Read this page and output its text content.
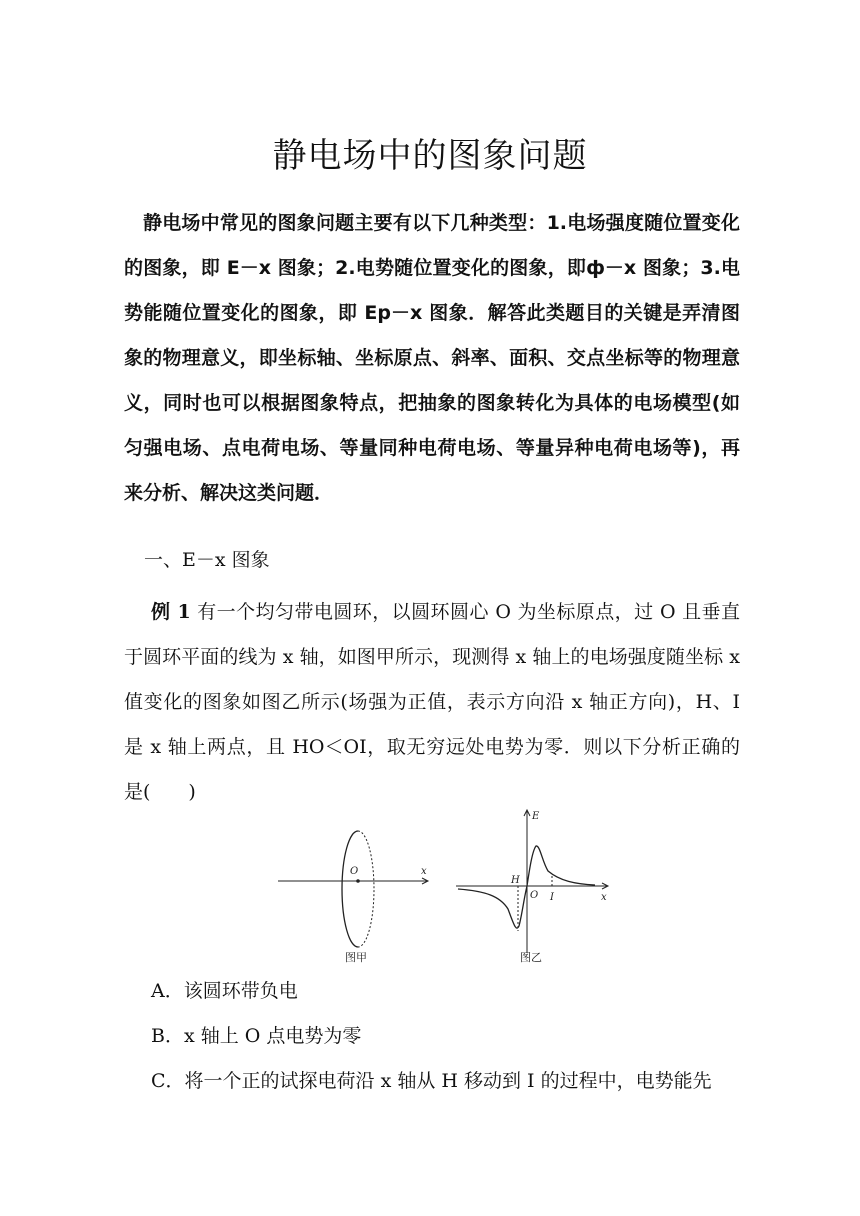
静电场中的图象问题
静电场中常见的图象问题主要有以下几种类型：1.电场强度随位置变化的图象，即 E－x 图象；2.电势随位置变化的图象，即ф－x 图象；3.电势能随位置变化的图象，即 Ep－x 图象．解答此类题目的关键是弄清图象的物理意义，即坐标轴、坐标原点、斜率、面积、交点坐标等的物理意义，同时也可以根据图象特点，把抽象的图象转化为具体的电场模型(如匀强电场、点电荷电场、等量同种电荷电场、等量异种电荷电场等)，再来分析、解决这类问题．
一、E－x 图象
例 1 有一个均匀带电圆环，以圆环圆心 O 为坐标原点，过 O 且垂直于圆环平面的线为 x 轴，如图甲所示，现测得 x 轴上的电场强度随坐标 x 值变化的图象如图乙所示(场强为正值，表示方向沿 x 轴正方向)，H、I 是 x 轴上两点，且 HO＜OI，取无穷远处电势为零．则以下分析正确的是(　　)
O	x
图甲
E
x
H
O I
图乙
A．该圆环带负电
B．x 轴上 O 点电势为零
C．将一个正的试探电荷沿 x 轴从 H 移动到 I 的过程中，电势能先
